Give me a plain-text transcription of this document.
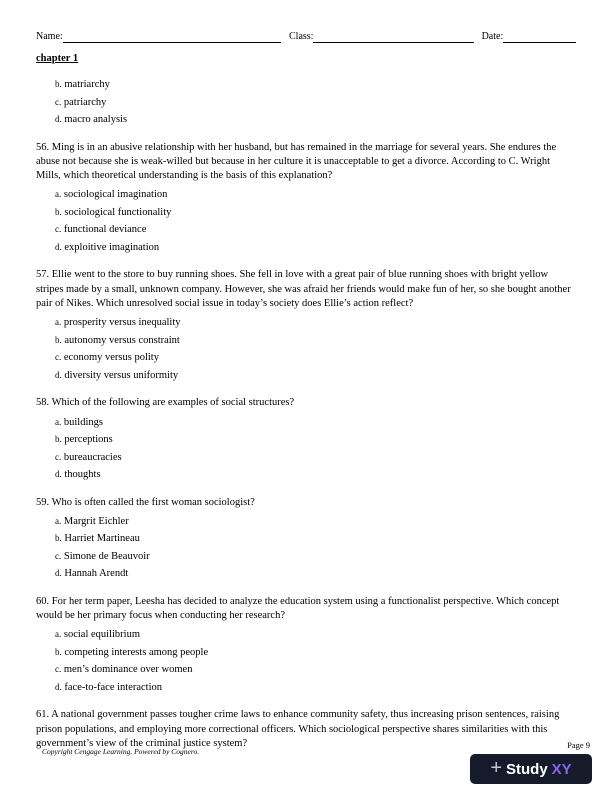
Name:	Class:	Date:
chapter 1
b. matriarchy
c. patriarchy
d. macro analysis

56. Ming is in an abusive relationship with her husband, but has remained in the marriage for several years. She endures the abuse not because she is weak-willed but because in her culture it is unacceptable to get a divorce. According to C. Wright Mills, which theoretical understanding is the basis of this explanation?

a. sociological imagination
b. sociological functionality
c. functional deviance
d. exploitive imagination

57. Ellie went to the store to buy running shoes. She fell in love with a great pair of blue running shoes with bright yellow stripes made by a small, unknown company. However, she was afraid her friends would make fun of her, so she bought another pair of Nikes. Which unresolved social issue in today’s society does Ellie’s action reflect?

a. prosperity versus inequality
b. autonomy versus constraint
c. economy versus polity
d. diversity versus uniformity

58. Which of the following are examples of social structures?

a. buildings
b. perceptions
c. bureaucracies
d. thoughts

59. Who is often called the first woman sociologist?

a. Margrit Eichler
b. Harriet Martineau
c. Simone de Beauvoir
d. Hannah Arendt

60. For her term paper, Leesha has decided to analyze the education system using a functionalist perspective. Which concept would be her primary focus when conducting her research?

a. social equilibrium
b. competing interests among people
c. men’s dominance over women
d. face-to-face interaction

61. A national government passes tougher crime laws to enhance community safety, thus increasing prison sentences, raising prison populations, and employing more correctional officers. Which sociological perspective shares similarities with this government’s view of the criminal justice system?

Copyright Cengage Learning. Powered by Cognero.
Page 9
+ Study XY
